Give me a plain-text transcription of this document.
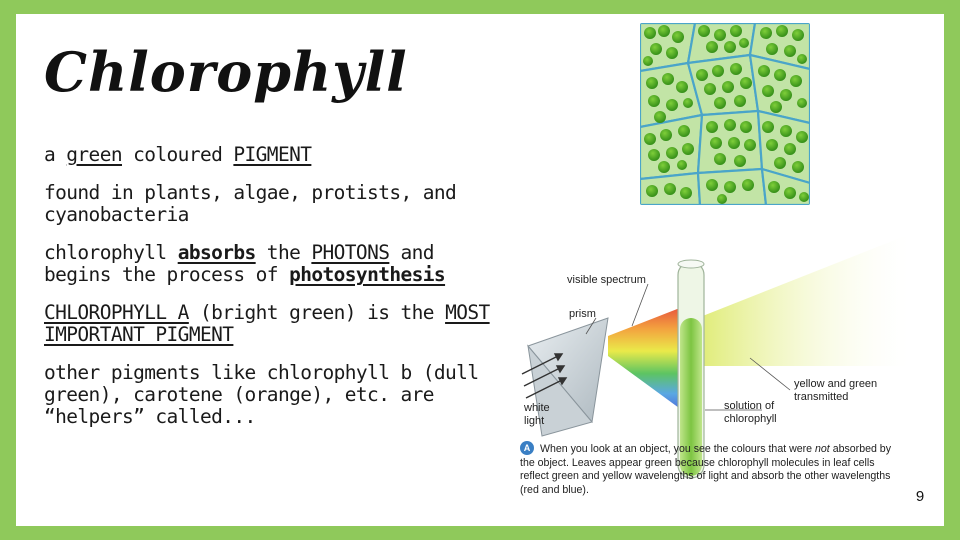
Chlorophyll

a green coloured PIGMENT

found in plants, algae, protists, and cyanobacteria

chlorophyll absorbs the PHOTONS and begins the process of photosynthesis

CHLOROPHYLL A (bright green) is the MOST IMPORTANT PIGMENT

other pigments like chlorophyll b (dull green), carotene (orange), etc. are “helpers” called...

visible spectrum
prism
white
light
solution of
chlorophyll
yellow and green
transmitted
A When you look at an object, you see the colours that were not absorbed by the object. Leaves appear green because chlorophyll molecules in leaf cells reflect green and yellow wavelengths of light and absorb the other wavelengths (red and blue).	9
